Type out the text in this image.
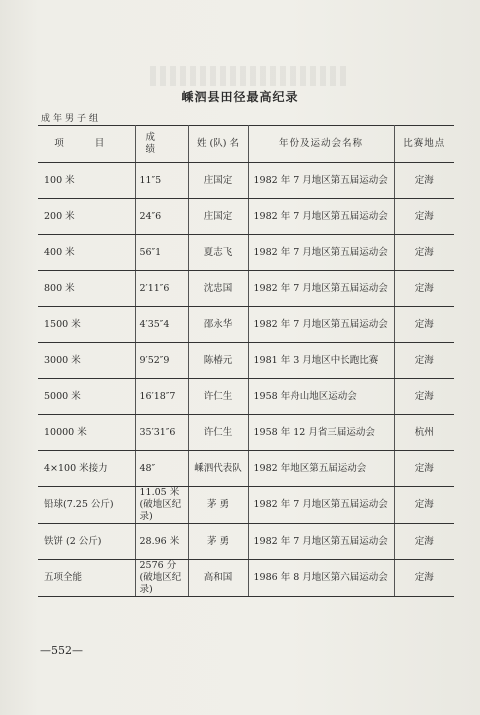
嵊泗县田径最高纪录
成年男子组
项 目	成 绩	姓 (队) 名	年份及运动会名称	比赛地点
100 米	11″5	庄国定	1982 年 7 月地区第五届运动会	定海
200 米	24″6	庄国定	1982 年 7 月地区第五届运动会	定海
400 米	56″1	夏志飞	1982 年 7 月地区第五届运动会	定海
800 米	2′11″6	沈忠国	1982 年 7 月地区第五届运动会	定海
1500 米	4′35″4	邵永华	1982 年 7 月地区第五届运动会	定海
3000 米	9′52″9	陈椿元	1981 年 3 月地区中长跑比赛	定海
5000 米	16′18″7	许仁生	1958 年舟山地区运动会	定海
10000 米	35′31″6	许仁生	1958 年 12 月省三届运动会	杭州
4×100 米接力	48″	嵊泗代表队	1982 年地区第五届运动会	定海
铅球(7.25 公斤)	11.05 米 (破地区纪录)	茅 勇	1982 年 7 月地区第五届运动会	定海
铁饼 (2 公斤)	28.96 米	茅 勇	1982 年 7 月地区第五届运动会	定海
五项全能	2576 分(破地区纪录)	高和国	1986 年 8 月地区第六届运动会	定海
—552—
